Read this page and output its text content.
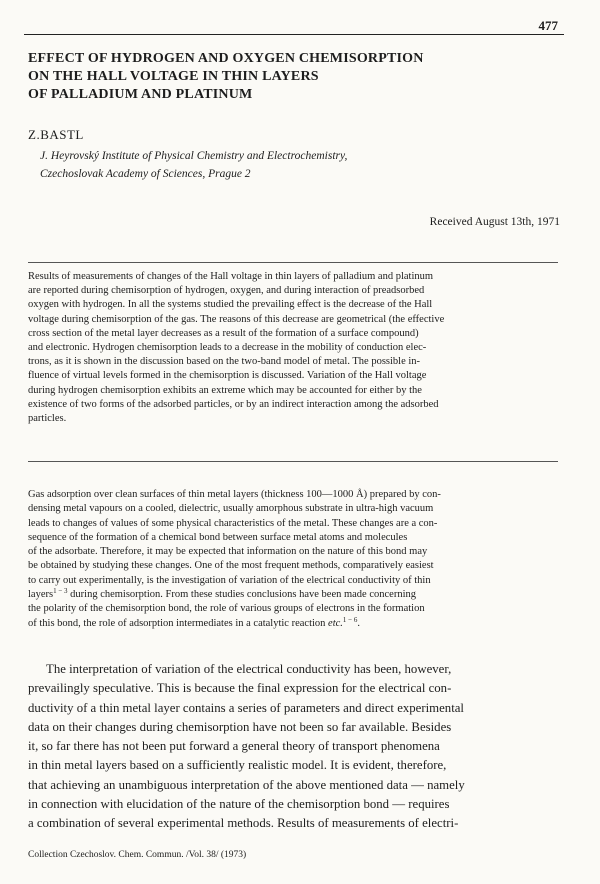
477
EFFECT OF HYDROGEN AND OXYGEN CHEMISORPTION
ON THE HALL VOLTAGE IN THIN LAYERS
OF PALLADIUM AND PLATINUM
Z.BASTL
J. Heyrovský Institute of Physical Chemistry and Electrochemistry,
Czechoslovak Academy of Sciences, Prague 2
Received August 13th, 1971
Results of measurements of changes of the Hall voltage in thin layers of palladium and platinum
are reported during chemisorption of hydrogen, oxygen, and during interaction of preadsorbed
oxygen with hydrogen. In all the systems studied the prevailing effect is the decrease of the Hall
voltage during chemisorption of the gas. The reasons of this decrease are geometrical (the effective
cross section of the metal layer decreases as a result of the formation of a surface compound)
and electronic. Hydrogen chemisorption leads to a decrease in the mobility of conduction elec-
trons, as it is shown in the discussion based on the two-band model of metal. The possible in-
fluence of virtual levels formed in the chemisorption is discussed. Variation of the Hall voltage
during hydrogen chemisorption exhibits an extreme which may be accounted for either by the
existence of two forms of the adsorbed particles, or by an indirect interaction among the adsorbed
particles.
Gas adsorption over clean surfaces of thin metal layers (thickness 100—1000 Å) prepared by con-
densing metal vapours on a cooled, dielectric, usually amorphous substrate in ultra-high vacuum
leads to changes of values of some physical characteristics of the metal. These changes are a con-
sequence of the formation of a chemical bond between surface metal atoms and molecules
of the adsorbate. Therefore, it may be expected that information on the nature of this bond may
be obtained by studying these changes. One of the most frequent methods, comparatively easiest
to carry out experimentally, is the investigation of variation of the electrical conductivity of thin
layers$^{1 - 3}$ during chemisorption. From these studies conclusions have been made concerning
the polarity of the chemisorption bond, the role of various groups of electrons in the formation
of this bond, the role of adsorption intermediates in a catalytic reaction etc.$^{1 - 6}$.
The interpretation of variation of the electrical conductivity has been, however,
prevailingly speculative. This is because the final expression for the electrical con-
ductivity of a thin metal layer contains a series of parameters and direct experimental
data on their changes during chemisorption have not been so far available. Besides
it, so far there has not been put forward a general theory of transport phenomena
in thin metal layers based on a sufficiently realistic model. It is evident, therefore,
that achieving an unambiguous interpretation of the above mentioned data — namely
in connection with elucidation of the nature of the chemisorption bond — requires
a combination of several experimental methods. Results of measurements of electri-
Collection Czechoslov. Chem. Commun. /Vol. 38/ (1973)
